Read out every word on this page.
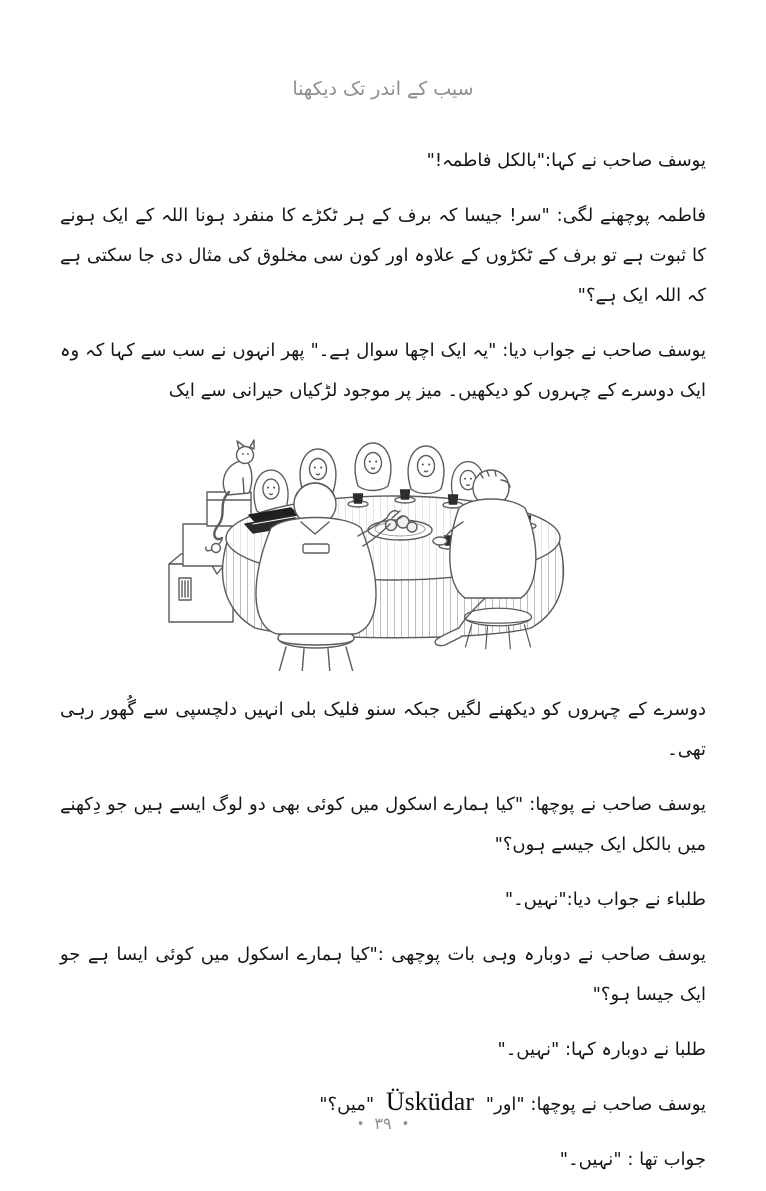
سیب کے اندر تک دیکھنا

یوسف صاحب نے کہا:"بالکل فاطمہ!"

فاطمہ پوچھنے لگی: "سر! جیسا کہ برف کے ہر ٹکڑے کا منفرد ہونا اللہ کے ایک ہونے کا ثبوت ہے تو برف کے ٹکڑوں کے علاوہ اور کون سی مخلوق کی مثال دی جا سکتی ہے کہ اللہ ایک ہے؟"

یوسف صاحب نے جواب دیا: "یہ ایک اچھا سوال ہے۔" پھر انہوں نے سب سے کہا کہ وہ ایک دوسرے کے چہروں کو دیکھیں۔ میز پر موجود لڑکیاں حیرانی سے ایک

دوسرے کے چہروں کو دیکھنے لگیں جبکہ سنو فلیک بلی انہیں دلچسپی سے گُھور رہی تھی۔

یوسف صاحب نے پوچھا: "کیا ہمارے اسکول میں کوئی بھی دو لوگ ایسے ہیں جو دِکھنے میں بالکل ایک جیسے ہوں؟"

طلباء نے جواب دیا:"نہیں۔"

یوسف صاحب نے دوبارہ وہی بات پوچھی :"کیا ہمارے اسکول میں کوئی ایسا ہے جو ایک جیسا ہو؟"

طلبا نے دوبارہ کہا: "نہیں۔"

یوسف صاحب نے پوچھا: "اور" Üsküdar "میں؟"

جواب تھا : "نہیں۔"

•۳۹•
